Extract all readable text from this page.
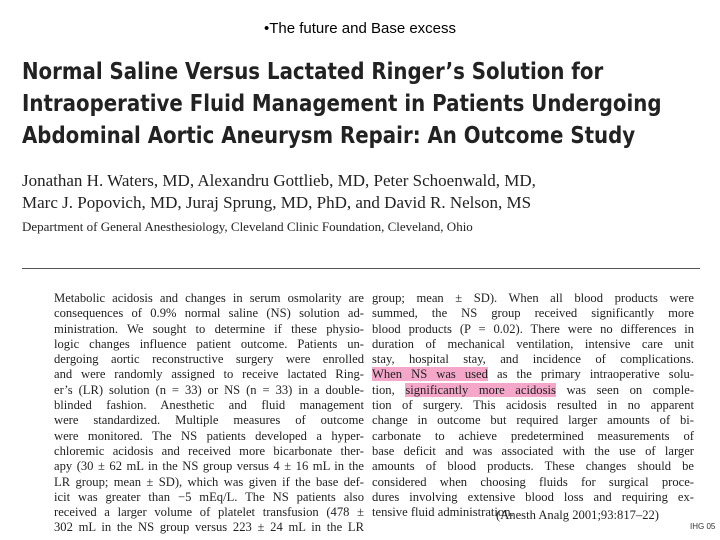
•The future and Base excess
Normal Saline Versus Lactated Ringer’s Solution for
Intraoperative Fluid Management in Patients Undergoing
Abdominal Aortic Aneurysm Repair: An Outcome Study
Jonathan H. Waters, MD, Alexandru Gottlieb, MD, Peter Schoenwald, MD,
Marc J. Popovich, MD, Juraj Sprung, MD, PhD, and David R. Nelson, MS
Department of General Anesthesiology, Cleveland Clinic Foundation, Cleveland, Ohio
Metabolic acidosis and changes in serum osmolarity are
consequences of 0.9% normal saline (NS) solution ad-
ministration. We sought to determine if these physio-
logic changes influence patient outcome. Patients un-
dergoing aortic reconstructive surgery were enrolled
and were randomly assigned to receive lactated Ring-
er’s (LR) solution (n = 33) or NS (n = 33) in a double-
blinded fashion. Anesthetic and fluid management
were standardized. Multiple measures of outcome
were monitored. The NS patients developed a hyper-
chloremic acidosis and received more bicarbonate ther-
apy (30 ± 62 mL in the NS group versus 4 ± 16 mL in the
LR group; mean ± SD), which was given if the base def-
icit was greater than −5 mEq/L. The NS patients also
received a larger volume of platelet transfusion (478 ±
302 mL in the NS group versus 223 ± 24 mL in the LR
group; mean ± SD). When all blood products were
summed, the NS group received significantly more
blood products (P = 0.02). There were no differences in
duration of mechanical ventilation, intensive care unit
stay, hospital stay, and incidence of complications.
When NS was used as the primary intraoperative solu-
tion, significantly more acidosis was seen on comple-
tion of surgery. This acidosis resulted in no apparent
change in outcome but required larger amounts of bi-
carbonate to achieve predetermined measurements of
base deficit and was associated with the use of larger
amounts of blood products. These changes should be
considered when choosing fluids for surgical proce-
dures involving extensive blood loss and requiring ex-
tensive fluid administration.
(Anesth Analg 2001;93:817–22)
IHG 05
